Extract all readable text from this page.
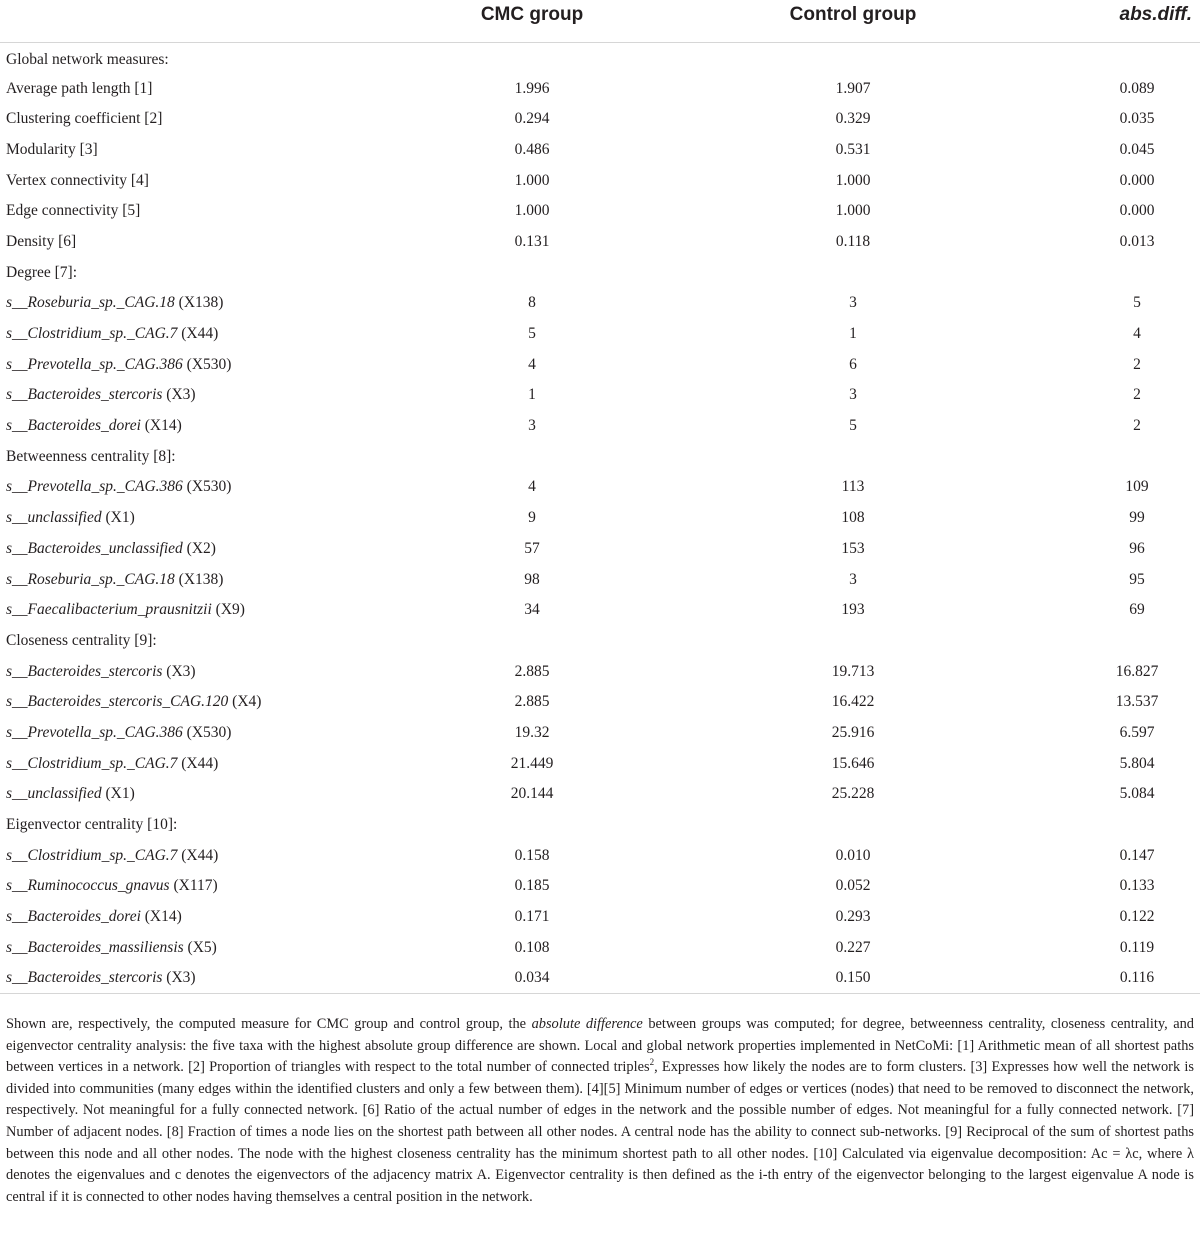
	CMC group	Control group	abs.diff.
Global network measures:			
Average path length [1]	1.996	1.907	0.089
Clustering coefficient [2]	0.294	0.329	0.035
Modularity [3]	0.486	0.531	0.045
Vertex connectivity [4]	1.000	1.000	0.000
Edge connectivity [5]	1.000	1.000	0.000
Density [6]	0.131	0.118	0.013
Degree [7]:			
s__Roseburia_sp._CAG.18 (X138)	8	3	5
s__Clostridium_sp._CAG.7 (X44)	5	1	4
s__Prevotella_sp._CAG.386 (X530)	4	6	2
s__Bacteroides_stercoris (X3)	1	3	2
s__Bacteroides_dorei (X14)	3	5	2
Betweenness centrality [8]:			
s__Prevotella_sp._CAG.386 (X530)	4	113	109
s__unclassified (X1)	9	108	99
s__Bacteroides_unclassified (X2)	57	153	96
s__Roseburia_sp._CAG.18 (X138)	98	3	95
s__Faecalibacterium_prausnitzii (X9)	34	193	69
Closeness centrality [9]:			
s__Bacteroides_stercoris (X3)	2.885	19.713	16.827
s__Bacteroides_stercoris_CAG.120 (X4)	2.885	16.422	13.537
s__Prevotella_sp._CAG.386 (X530)	19.32	25.916	6.597
s__Clostridium_sp._CAG.7 (X44)	21.449	15.646	5.804
s__unclassified (X1)	20.144	25.228	5.084
Eigenvector centrality [10]:			
s__Clostridium_sp._CAG.7 (X44)	0.158	0.010	0.147
s__Ruminococcus_gnavus (X117)	0.185	0.052	0.133
s__Bacteroides_dorei (X14)	0.171	0.293	0.122
s__Bacteroides_massiliensis (X5)	0.108	0.227	0.119
s__Bacteroides_stercoris (X3)	0.034	0.150	0.116
Shown are, respectively, the computed measure for CMC group and control group, the absolute difference between groups was computed; for degree, betweenness centrality, closeness centrality, and eigenvector centrality analysis: the five taxa with the highest absolute group difference are shown. Local and global network properties implemented in NetCoMi: [1] Arithmetic mean of all shortest paths between vertices in a network. [2] Proportion of triangles with respect to the total number of connected triples$^2$, Expresses how likely the nodes are to form clusters. [3] Expresses how well the network is divided into communities (many edges within the identified clusters and only a few between them). [4][5] Minimum number of edges or vertices (nodes) that need to be removed to disconnect the network, respectively. Not meaningful for a fully connected network. [6] Ratio of the actual number of edges in the network and the possible number of edges. Not meaningful for a fully connected network. [7] Number of adjacent nodes. [8] Fraction of times a node lies on the shortest path between all other nodes. A central node has the ability to connect sub-networks. [9] Reciprocal of the sum of shortest paths between this node and all other nodes. The node with the highest closeness centrality has the minimum shortest path to all other nodes. [10] Calculated via eigenvalue decomposition: Ac = λc, where λ denotes the eigenvalues and c denotes the eigenvectors of the adjacency matrix A. Eigenvector centrality is then defined as the i-th entry of the eigenvector belonging to the largest eigenvalue A node is central if it is connected to other nodes having themselves a central position in the network.
